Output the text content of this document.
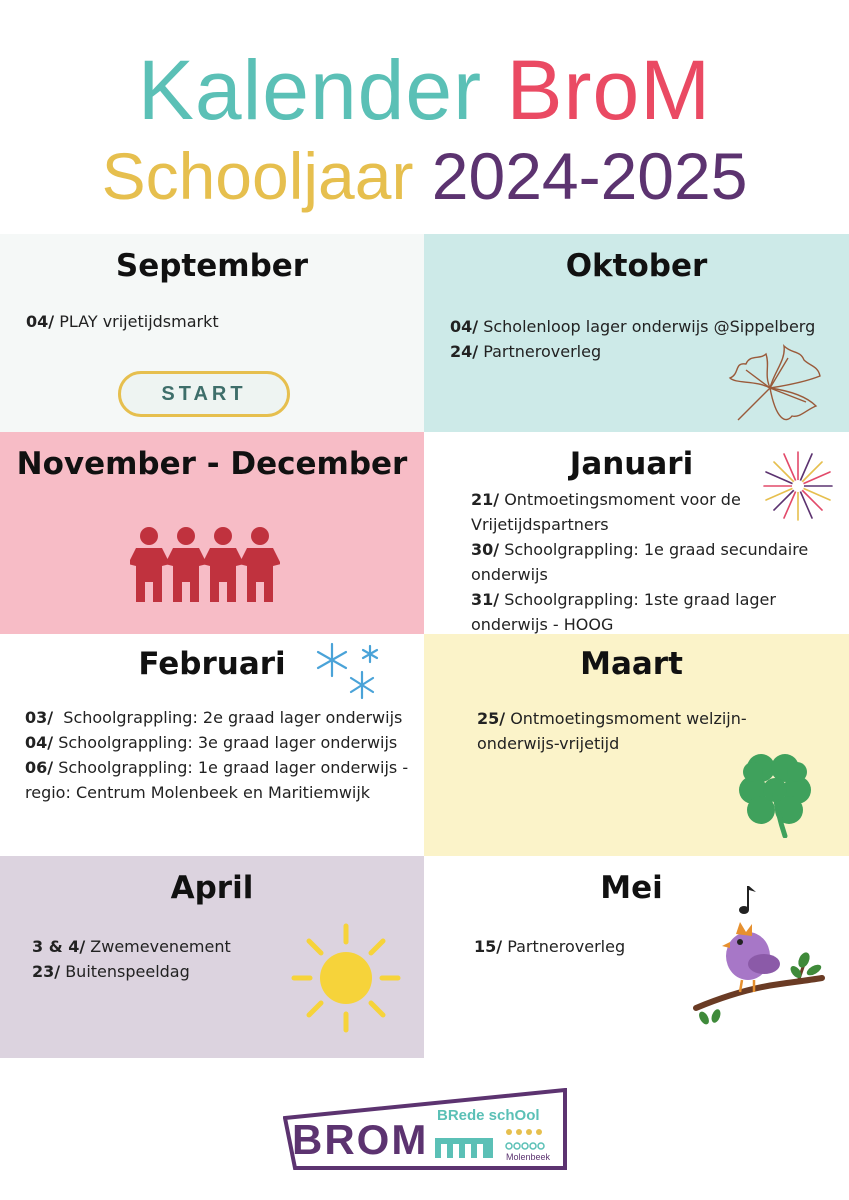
Kalender BroM
Schooljaar 2024-2025
September	Oktober
November - December	Januari
Februari	Maart
April	Mei
04/ PLAY vrijetijdsmarkt
START
04/ Scholenloop lager onderwijs @Sippelberg
24/ Partneroverleg
21/ Ontmoetingsmoment voor de
Vrijetijdspartners
30/ Schoolgrappling: 1e graad secundaire
onderwijs
31/ Schoolgrappling: 1ste graad lager
onderwijs - HOOG
03/  Schoolgrappling: 2e graad lager onderwijs
04/ Schoolgrappling: 3e graad lager onderwijs
06/ Schoolgrappling: 1e graad lager onderwijs -
regio: Centrum Molenbeek en Maritiemwijk
25/ Ontmoetingsmoment welzijn-
onderwijs-vrijetijd
3 & 4/ Zwemevenement
23/ Buitenspeeldag
15/ Partneroverleg
BROM
BRede schOol
Molenbeek
